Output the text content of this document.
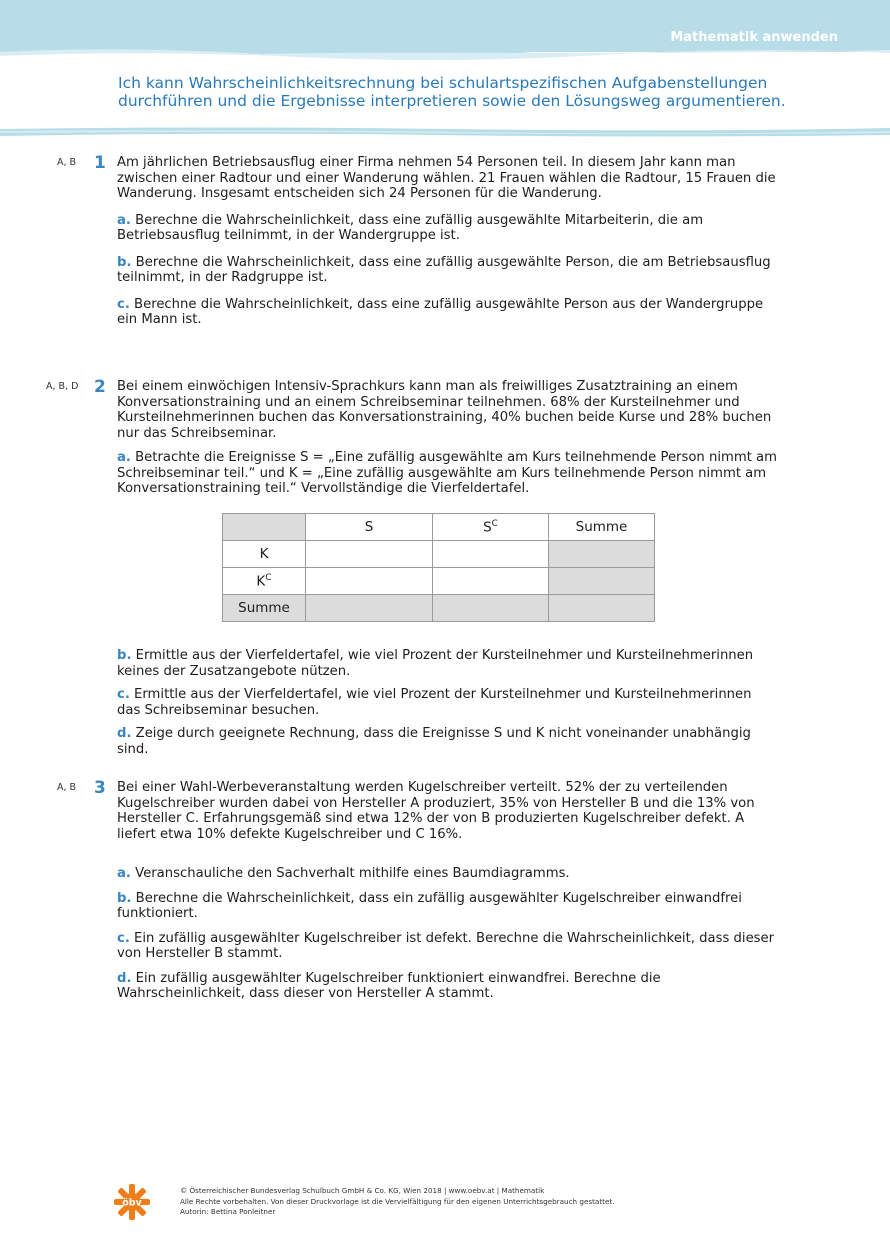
Mathematik anwenden
Ich kann Wahrscheinlichkeitsrechnung bei schulartspezifischen Aufgabenstellungen durchführen und die Ergebnisse interpretieren sowie den Lösungsweg argumentieren.
A, B 1 Am jährlichen Betriebsausflug einer Firma nehmen 54 Personen teil. In diesem Jahr kann man zwischen einer Radtour und einer Wanderung wählen. 21 Frauen wählen die Radtour, 15 Frauen die Wanderung. Insgesamt entscheiden sich 24 Personen für die Wanderung.

a. Berechne die Wahrscheinlichkeit, dass eine zufällig ausgewählte Mitarbeiterin, die am Betriebsausflug teilnimmt, in der Wandergruppe ist.

b. Berechne die Wahrscheinlichkeit, dass eine zufällig ausgewählte Person, die am Betriebsausflug teilnimmt, in der Radgruppe ist.

c. Berechne die Wahrscheinlichkeit, dass eine zufällig ausgewählte Person aus der Wandergruppe ein Mann ist.

A, B, D 2 Bei einem einwöchigen Intensiv-Sprachkurs kann man als freiwilliges Zusatztraining an einem Konversationstraining und an einem Schreibseminar teilnehmen. 68% der Kursteilnehmer und Kursteilnehmerinnen buchen das Konversationstraining, 40% buchen beide Kurse und 28% buchen nur das Schreibseminar.

a. Betrachte die Ereignisse S = „Eine zufällig ausgewählte am Kurs teilnehmende Person nimmt am Schreibseminar teil.“ und K = „Eine zufällig ausgewählte am Kurs teilnehmende Person nimmt am Konversationstraining teil.“ Vervollständige die Vierfeldertafel.

	S	$S^C$	Summe
K			
$K^C$			
Summe			

b. Ermittle aus der Vierfeldertafel, wie viel Prozent der Kursteilnehmer und Kursteilnehmerinnen keines der Zusatzangebote nützen.

c. Ermittle aus der Vierfeldertafel, wie viel Prozent der Kursteilnehmer und Kursteilnehmerinnen das Schreibseminar besuchen.

d. Zeige durch geeignete Rechnung, dass die Ereignisse S und K nicht voneinander unabhängig sind.

A, B 3 Bei einer Wahl-Werbeveranstaltung werden Kugelschreiber verteilt. 52% der zu verteilenden Kugelschreiber wurden dabei von Hersteller A produziert, 35% von Hersteller B und die 13% von Hersteller C. Erfahrungsgemäß sind etwa 12% der von B produzierten Kugelschreiber defekt. A liefert etwa 10% defekte Kugelschreiber und C 16%.

a. Veranschauliche den Sachverhalt mithilfe eines Baumdiagramms.

b. Berechne die Wahrscheinlichkeit, dass ein zufällig ausgewählter Kugelschreiber einwandfrei funktioniert.

c. Ein zufällig ausgewählter Kugelschreiber ist defekt. Berechne die Wahrscheinlichkeit, dass dieser von Hersteller B stammt.

d. Ein zufällig ausgewählter Kugelschreiber funktioniert einwandfrei. Berechne die Wahrscheinlichkeit, dass dieser von Hersteller A stammt.

öbv
© Österreichischer Bundesverlag Schulbuch GmbH & Co. KG, Wien 2018 | www.oebv.at | Mathematik
Alle Rechte vorbehalten. Von dieser Druckvorlage ist die Vervielfältigung für den eigenen Unterrichtsgebrauch gestattet.
Autorin: Bettina Ponleitner
